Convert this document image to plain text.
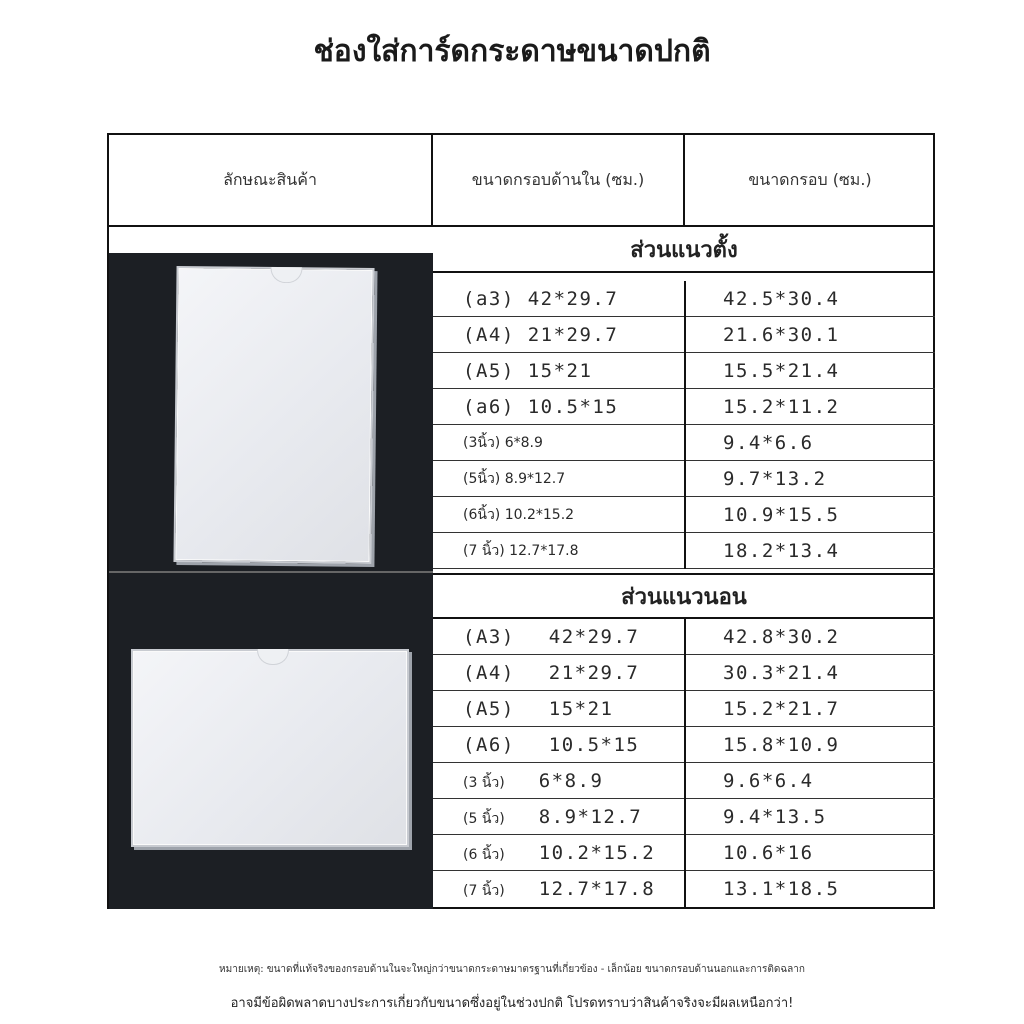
ช่องใส่การ์ดกระดาษขนาดปกติ
ลักษณะสินค้า	ขนาดกรอบด้านใน (ซม.)	ขนาดกรอบ (ซม.)
ส่วนแนวตั้ง
(a3) 42*29.7	42.5*30.4
(A4) 21*29.7	21.6*30.1
(A5) 15*21	15.5*21.4
(a6) 10.5*15	15.2*11.2
(3นิ้ว) 6*8.9	9.4*6.6
(5นิ้ว) 8.9*12.7	9.7*13.2
(6นิ้ว) 10.2*15.2	10.9*15.5
(7 นิ้ว) 12.7*17.8	18.2*13.4
ส่วนแนวนอน
(A3) 42*29.7	42.8*30.2
(A4) 21*29.7	30.3*21.4
(A5) 15*21	15.2*21.7
(A6) 10.5*15	15.8*10.9
(3 นิ้ว) 6*8.9	9.6*6.4
(5 นิ้ว) 8.9*12.7	9.4*13.5
(6 นิ้ว) 10.2*15.2	10.6*16
(7 นิ้ว) 12.7*17.8	13.1*18.5
หมายเหตุ: ขนาดที่แท้จริงของกรอบด้านในจะใหญ่กว่าขนาดกระดาษมาตรฐานที่เกี่ยวข้อง - เล็กน้อย ขนาดกรอบด้านนอกและการติดฉลาก
อาจมีข้อผิดพลาดบางประการเกี่ยวกับขนาดซึ่งอยู่ในช่วงปกติ โปรดทราบว่าสินค้าจริงจะมีผลเหนือกว่า!
